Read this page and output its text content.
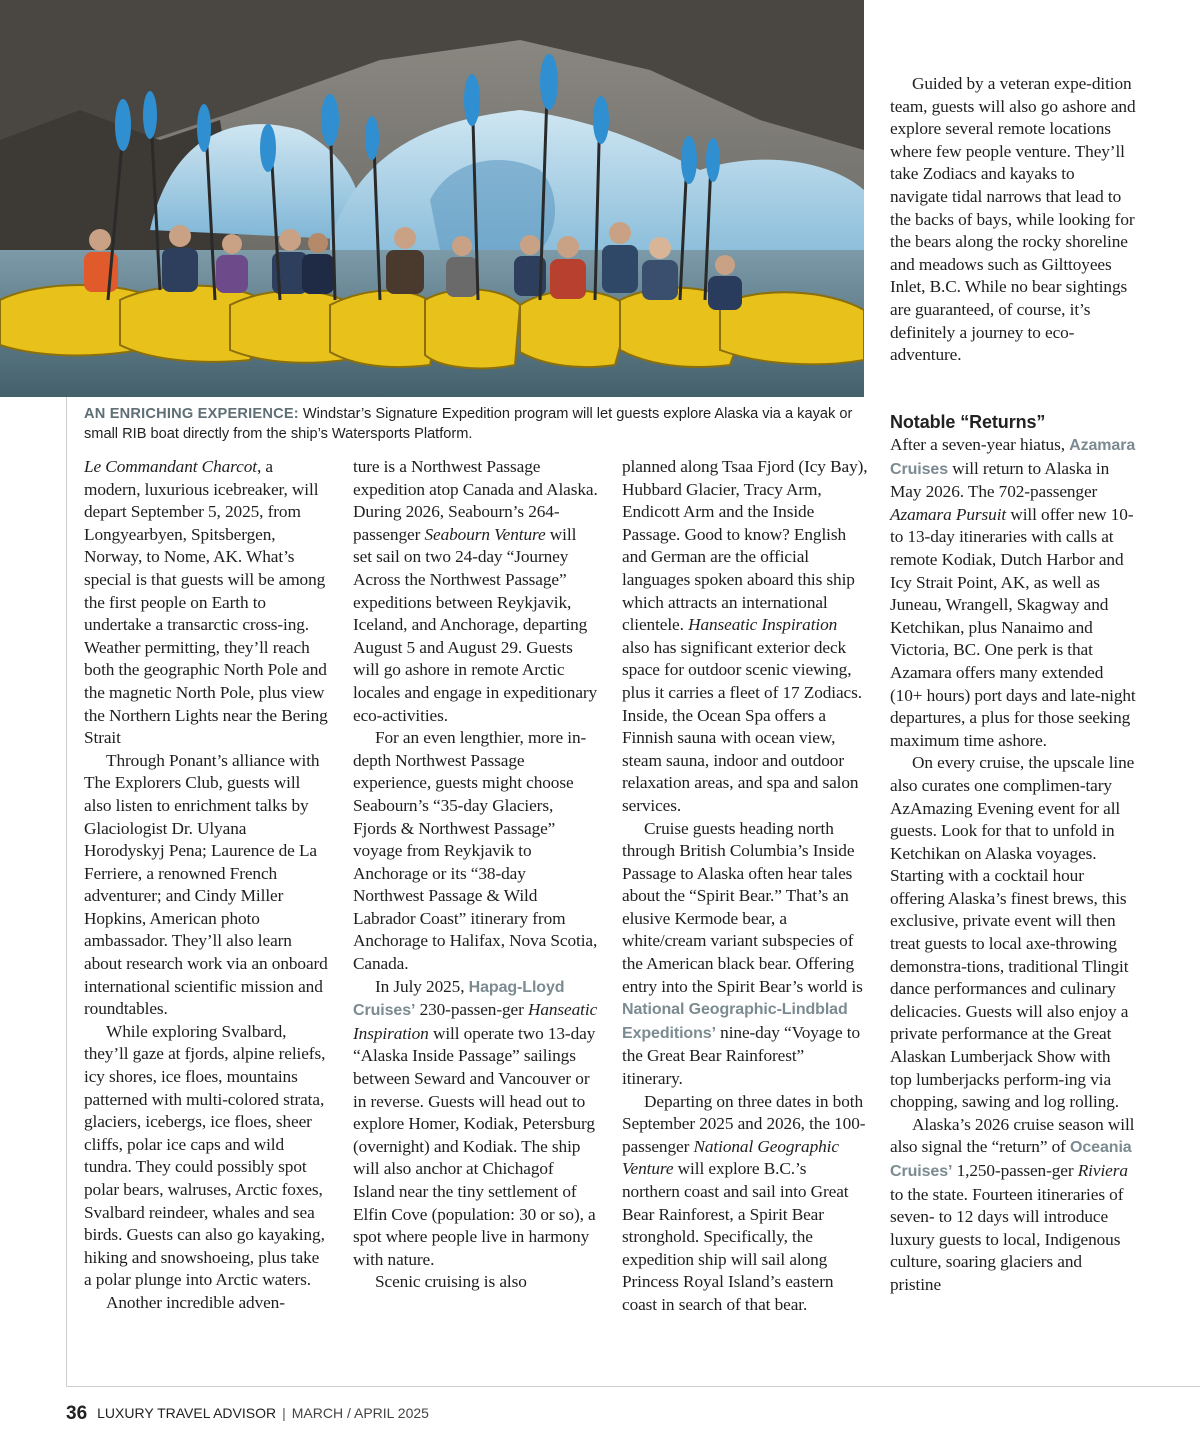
AN ENRICHING EXPERIENCE: Windstar’s Signature Expedition program will let guests explore Alaska via a kayak or small RIB boat directly from the ship’s Watersports Platform.

Le Commandant Charcot, a modern, luxurious icebreaker, will depart September 5, 2025, from Longyearbyen, Spitsbergen, Norway, to Nome, AK. What’s special is that guests will be among the first people on Earth to undertake a transarctic cross-ing. Weather permitting, they’ll reach both the geographic North Pole and the magnetic North Pole, plus view the Northern Lights near the Bering Strait

Through Ponant’s alliance with The Explorers Club, guests will also listen to enrichment talks by Glaciologist Dr. Ulyana Horodyskyj Pena; Laurence de La Ferriere, a renowned French adventurer; and Cindy Miller Hopkins, American photo ambassador. They’ll also learn about research work via an onboard international scientific mission and roundtables.

While exploring Svalbard, they’ll gaze at fjords, alpine reliefs, icy shores, ice floes, mountains patterned with multi-colored strata, glaciers, icebergs, ice floes, sheer cliffs, polar ice caps and wild tundra. They could possibly spot polar bears, walruses, Arctic foxes, Svalbard reindeer, whales and sea birds. Guests can also go kayaking, hiking and snowshoeing, plus take a polar plunge into Arctic waters.

Another incredible adven-

ture is a Northwest Passage expedition atop Canada and Alaska. During 2026, Seabourn’s 264-passenger Seabourn Venture will set sail on two 24-day “Journey Across the Northwest Passage” expeditions between Reykjavik, Iceland, and Anchorage, departing August 5 and August 29. Guests will go ashore in remote Arctic locales and engage in expeditionary eco-activities.

For an even lengthier, more in-depth Northwest Passage experience, guests might choose Seabourn’s “35-day Glaciers, Fjords & Northwest Passage” voyage from Reykjavik to Anchorage or its “38-day Northwest Passage & Wild Labrador Coast” itinerary from Anchorage to Halifax, Nova Scotia, Canada.

In July 2025, Hapag-Lloyd Cruises’ 230-passen-ger Hanseatic Inspiration will operate two 13-day “Alaska Inside Passage” sailings between Seward and Vancouver or in reverse. Guests will head out to explore Homer, Kodiak, Petersburg (overnight) and Kodiak. The ship will also anchor at Chichagof Island near the tiny settlement of Elfin Cove (population: 30 or so), a spot where people live in harmony with nature.

Scenic cruising is also

planned along Tsaa Fjord (Icy Bay), Hubbard Glacier, Tracy Arm, Endicott Arm and the Inside Passage. Good to know? English and German are the official languages spoken aboard this ship which attracts an international clientele. Hanseatic Inspiration also has significant exterior deck space for outdoor scenic viewing, plus it carries a fleet of 17 Zodiacs. Inside, the Ocean Spa offers a Finnish sauna with ocean view, steam sauna, indoor and outdoor relaxation areas, and spa and salon services.

Cruise guests heading north through British Columbia’s Inside Passage to Alaska often hear tales about the “Spirit Bear.” That’s an elusive Kermode bear, a white/cream variant subspecies of the American black bear. Offering entry into the Spirit Bear’s world is National Geographic-Lindblad Expeditions’ nine-day “Voyage to the Great Bear Rainforest” itinerary.

Departing on three dates in both September 2025 and 2026, the 100-passenger National Geographic Venture will explore B.C.’s northern coast and sail into Great Bear Rainforest, a Spirit Bear stronghold. Specifically, the expedition ship will sail along Princess Royal Island’s eastern coast in search of that bear.

Guided by a veteran expe-dition team, guests will also go ashore and explore several remote locations where few people venture. They’ll take Zodiacs and kayaks to navigate tidal narrows that lead to the backs of bays, while looking for the bears along the rocky shoreline and meadows such as Gilttoyees Inlet, B.C. While no bear sightings are guaranteed, of course, it’s definitely a journey to eco-adventure.

Notable “Returns”

After a seven-year hiatus, Azamara Cruises will return to Alaska in May 2026. The 702-passenger Azamara Pursuit will offer new 10- to 13-day itineraries with calls at remote Kodiak, Dutch Harbor and Icy Strait Point, AK, as well as Juneau, Wrangell, Skagway and Ketchikan, plus Nanaimo and Victoria, BC. One perk is that Azamara offers many extended (10+ hours) port days and late-night departures, a plus for those seeking maximum time ashore.

On every cruise, the upscale line also curates one complimen-tary AzAmazing Evening event for all guests. Look for that to unfold in Ketchikan on Alaska voyages. Starting with a cocktail hour offering Alaska’s finest brews, this exclusive, private event will then treat guests to local axe-throwing demonstra-tions, traditional Tlingit dance performances and culinary delicacies. Guests will also enjoy a private performance at the Great Alaskan Lumberjack Show with top lumberjacks perform-ing via chopping, sawing and log rolling.

Alaska’s 2026 cruise season will also signal the “return” of Oceania Cruises’ 1,250-passen-ger Riviera to the state. Fourteen itineraries of seven- to 12 days will introduce luxury guests to local, Indigenous culture, soaring glaciers and pristine

36 LUXURY TRAVEL ADVISOR | MARCH / APRIL 2025
